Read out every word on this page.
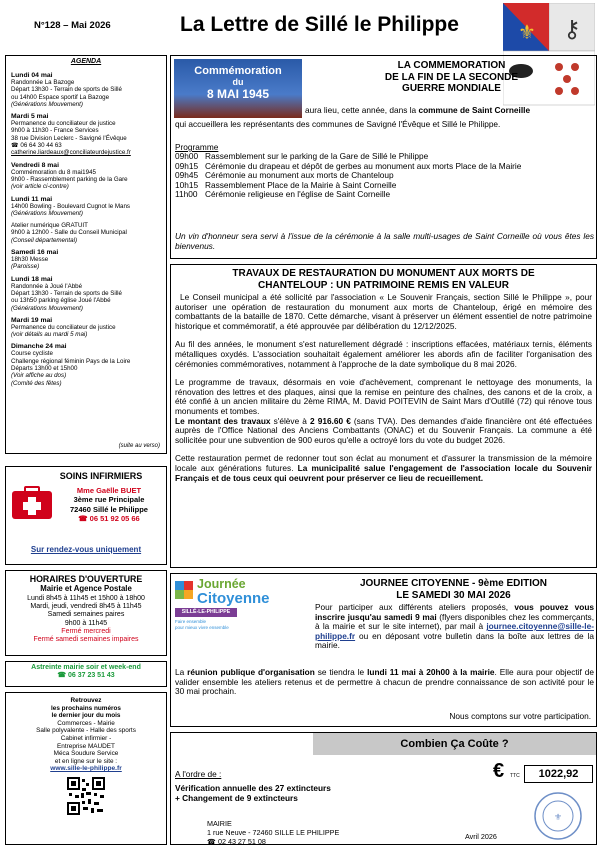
N°128 – Mai 2026	La Lettre de Sillé le Philippe	⚜ ⚷
AGENDA
Lundi 04 mai
Randonnée La Bazoge
Départ 13h30 - Terrain de sports de Sillé
ou 14h00 Espace sportif La Bazoge
(Générations Mouvement)
Mardi 5 mai
Permanence du conciliateur de justice
9h00 à 11h30 - France Services
38 rue Division Leclerc - Savigné l'Évêque
☎ 06 64 30 44 63
catherine.liardeaux@conciliateurdejustice.fr
Vendredi 8 mai
Commémoration du 8 mai1945
9h00 - Rassemblement parking de la Gare
(voir article ci-contre)
Lundi 11 mai
14h00 Bowling - Boulevard Cugnot le Mans
(Générations Mouvement)
Atelier numérique GRATUIT
9h00 à 12h00 - Salle du Conseil Municipal
(Conseil départemental)
Samedi 16 mai
18h30 Messe
(Paroisse)
Lundi 18 mai
Randonnée à Joué l'Abbé
Départ 13h30 - Terrain de sports de Sillé
ou 13h50 parking église Joué l'Abbé
(Générations Mouvement)
Mardi 19 mai
Permanence du conciliateur de justice
(voir détails au mardi 5 mai)
Dimanche 24 mai
Course cycliste
Challenge régional féminin Pays de la Loire
Départs 13h00 et 15h00
(Voir affiche au dos)
(Comité des fêtes)
(suite au verso)
SOINS INFIRMIERS
Mme Gaëlle BUET
3ème rue Principale
72460 Sillé le Philippe
☎ 06 51 92 05 66
Sur rendez-vous uniquement
HORAIRES D'OUVERTURE
Mairie et Agence Postale
Lundi 8h45 à 11h45 et 15h00 à 18h00
Mardi, jeudi, vendredi 8h45 à 11h45
Samedi semaines paires
9h00 à 11h45
Fermé mercredi
Fermé samedi semaines impaires
Astreinte mairie soir et week-end
☎ 06 37 23 51 43
Retrouvez
les prochains numéros
le dernier jour du mois
Commerces - Mairie
Salle polyvalente - Halle des sports
Cabinet infirmier -
Entreprise MAUDET
Méca Soudure Service
et en ligne sur le site :
www.sille-le-philippe.fr
Commémoration
du
8 MAI 1945
LA COMMEMORATION
DE LA FIN DE LA SECONDE
GUERRE MONDIALE
aura lieu, cette année, dans la commune de Saint Corneille
qui accueillera les représentants des communes de Savigné l'Évêque et Sillé le Philippe.
Programme
09h00 Rassemblement sur le parking de la Gare de Sillé le Philippe
09h15 Cérémonie du drapeau et dépôt de gerbes au monument aux morts Place de la Mairie
09h45 Cérémonie au monument aux morts de Chanteloup
10h15 Rassemblement Place de la Mairie à Saint Corneille
11h00 Cérémonie religieuse en l'église de Saint Corneille
Un vin d'honneur sera servi à l'issue de la cérémonie à la salle multi-usages de Saint Corneille où vous êtes les bienvenus.
TRAVAUX DE RESTAURATION DU MONUMENT AUX MORTS DE
CHANTELOUP : UN PATRIMOINE REMIS EN VALEUR

Le Conseil municipal a été sollicité par l'association « Le Souvenir Français, section Sillé le Philippe », pour autoriser une opération de restauration du monument aux morts de Chanteloup, érigé en mémoire des combattants de la bataille de 1870. Cette démarche, visant à préserver un élément essentiel de notre patrimoine historique et commémoratif, a été approuvée par délibération du 12/12/2025.

Au fil des années, le monument s'est naturellement dégradé : inscriptions effacées, matériaux ternis, éléments métalliques oxydés. L'association souhaitait également améliorer les abords afin de faciliter l'organisation des cérémonies commémoratives, notamment à l'approche de la date symbolique du 8 mai 2026.

Le programme de travaux, désormais en voie d'achèvement, comprenant le nettoyage des monuments, la rénovation des lettres et des plaques, ainsi que la remise en peinture des chaînes, des canons et de la croix, a été confié à un ancien militaire du 2ème RIMA, M. David POITEVIN de Saint Mars d'Outillé (72) qui rénove tous monuments et tombes.

Le montant des travaux s'élève à 2 916.60 € (sans TVA). Des demandes d'aide financière ont été effectuées auprès de l'Office National des Anciens Combattants (ONAC) et du Souvenir Français. La commune a été sollicitée pour une subvention de 900 euros qu'elle a octroyé lors du vote du budget 2026.

Cette restauration permet de redonner tout son éclat au monument et d'assurer la transmission de la mémoire locale aux générations futures. La municipalité salue l'engagement de l'association locale du Souvenir Français et de tous ceux qui oeuvrent pour préserver ce lieu de recueillement.

Journée
Citoyenne
SILLÉ-LE-PHILIPPE
Faire ensemble
pour mieux vivre ensemble
JOURNEE CITOYENNE - 9ème EDITION
LE SAMEDI 30 MAI 2026
Pour participer aux différents ateliers proposés, vous pouvez vous inscrire jusqu'au samedi 9 mai (flyers disponibles chez les commerçants, à la mairie et sur le site internet), par mail à journee.citoyenne@sille-le-philippe.fr ou en déposant votre bulletin dans la boîte aux lettres de la mairie.
La réunion publique d'organisation se tiendra le lundi 11 mai à 20h00 à la mairie. Elle aura pour objectif de valider ensemble les ateliers retenus et de permettre à chacun de prendre connaissance de son activité pour le 30 mai prochain.
Nous comptons sur votre participation.
Combien Ça Coûte ?
A l'ordre de :
Vérification annuelle des 27 extincteurs
+ Changement de 9 extincteurs
€ TTC	1022,92
MAIRIE
1 rue Neuve - 72460 SILLE LE PHILIPPE
☎ 02 43 27 51 08
Avril 2026
⚜
